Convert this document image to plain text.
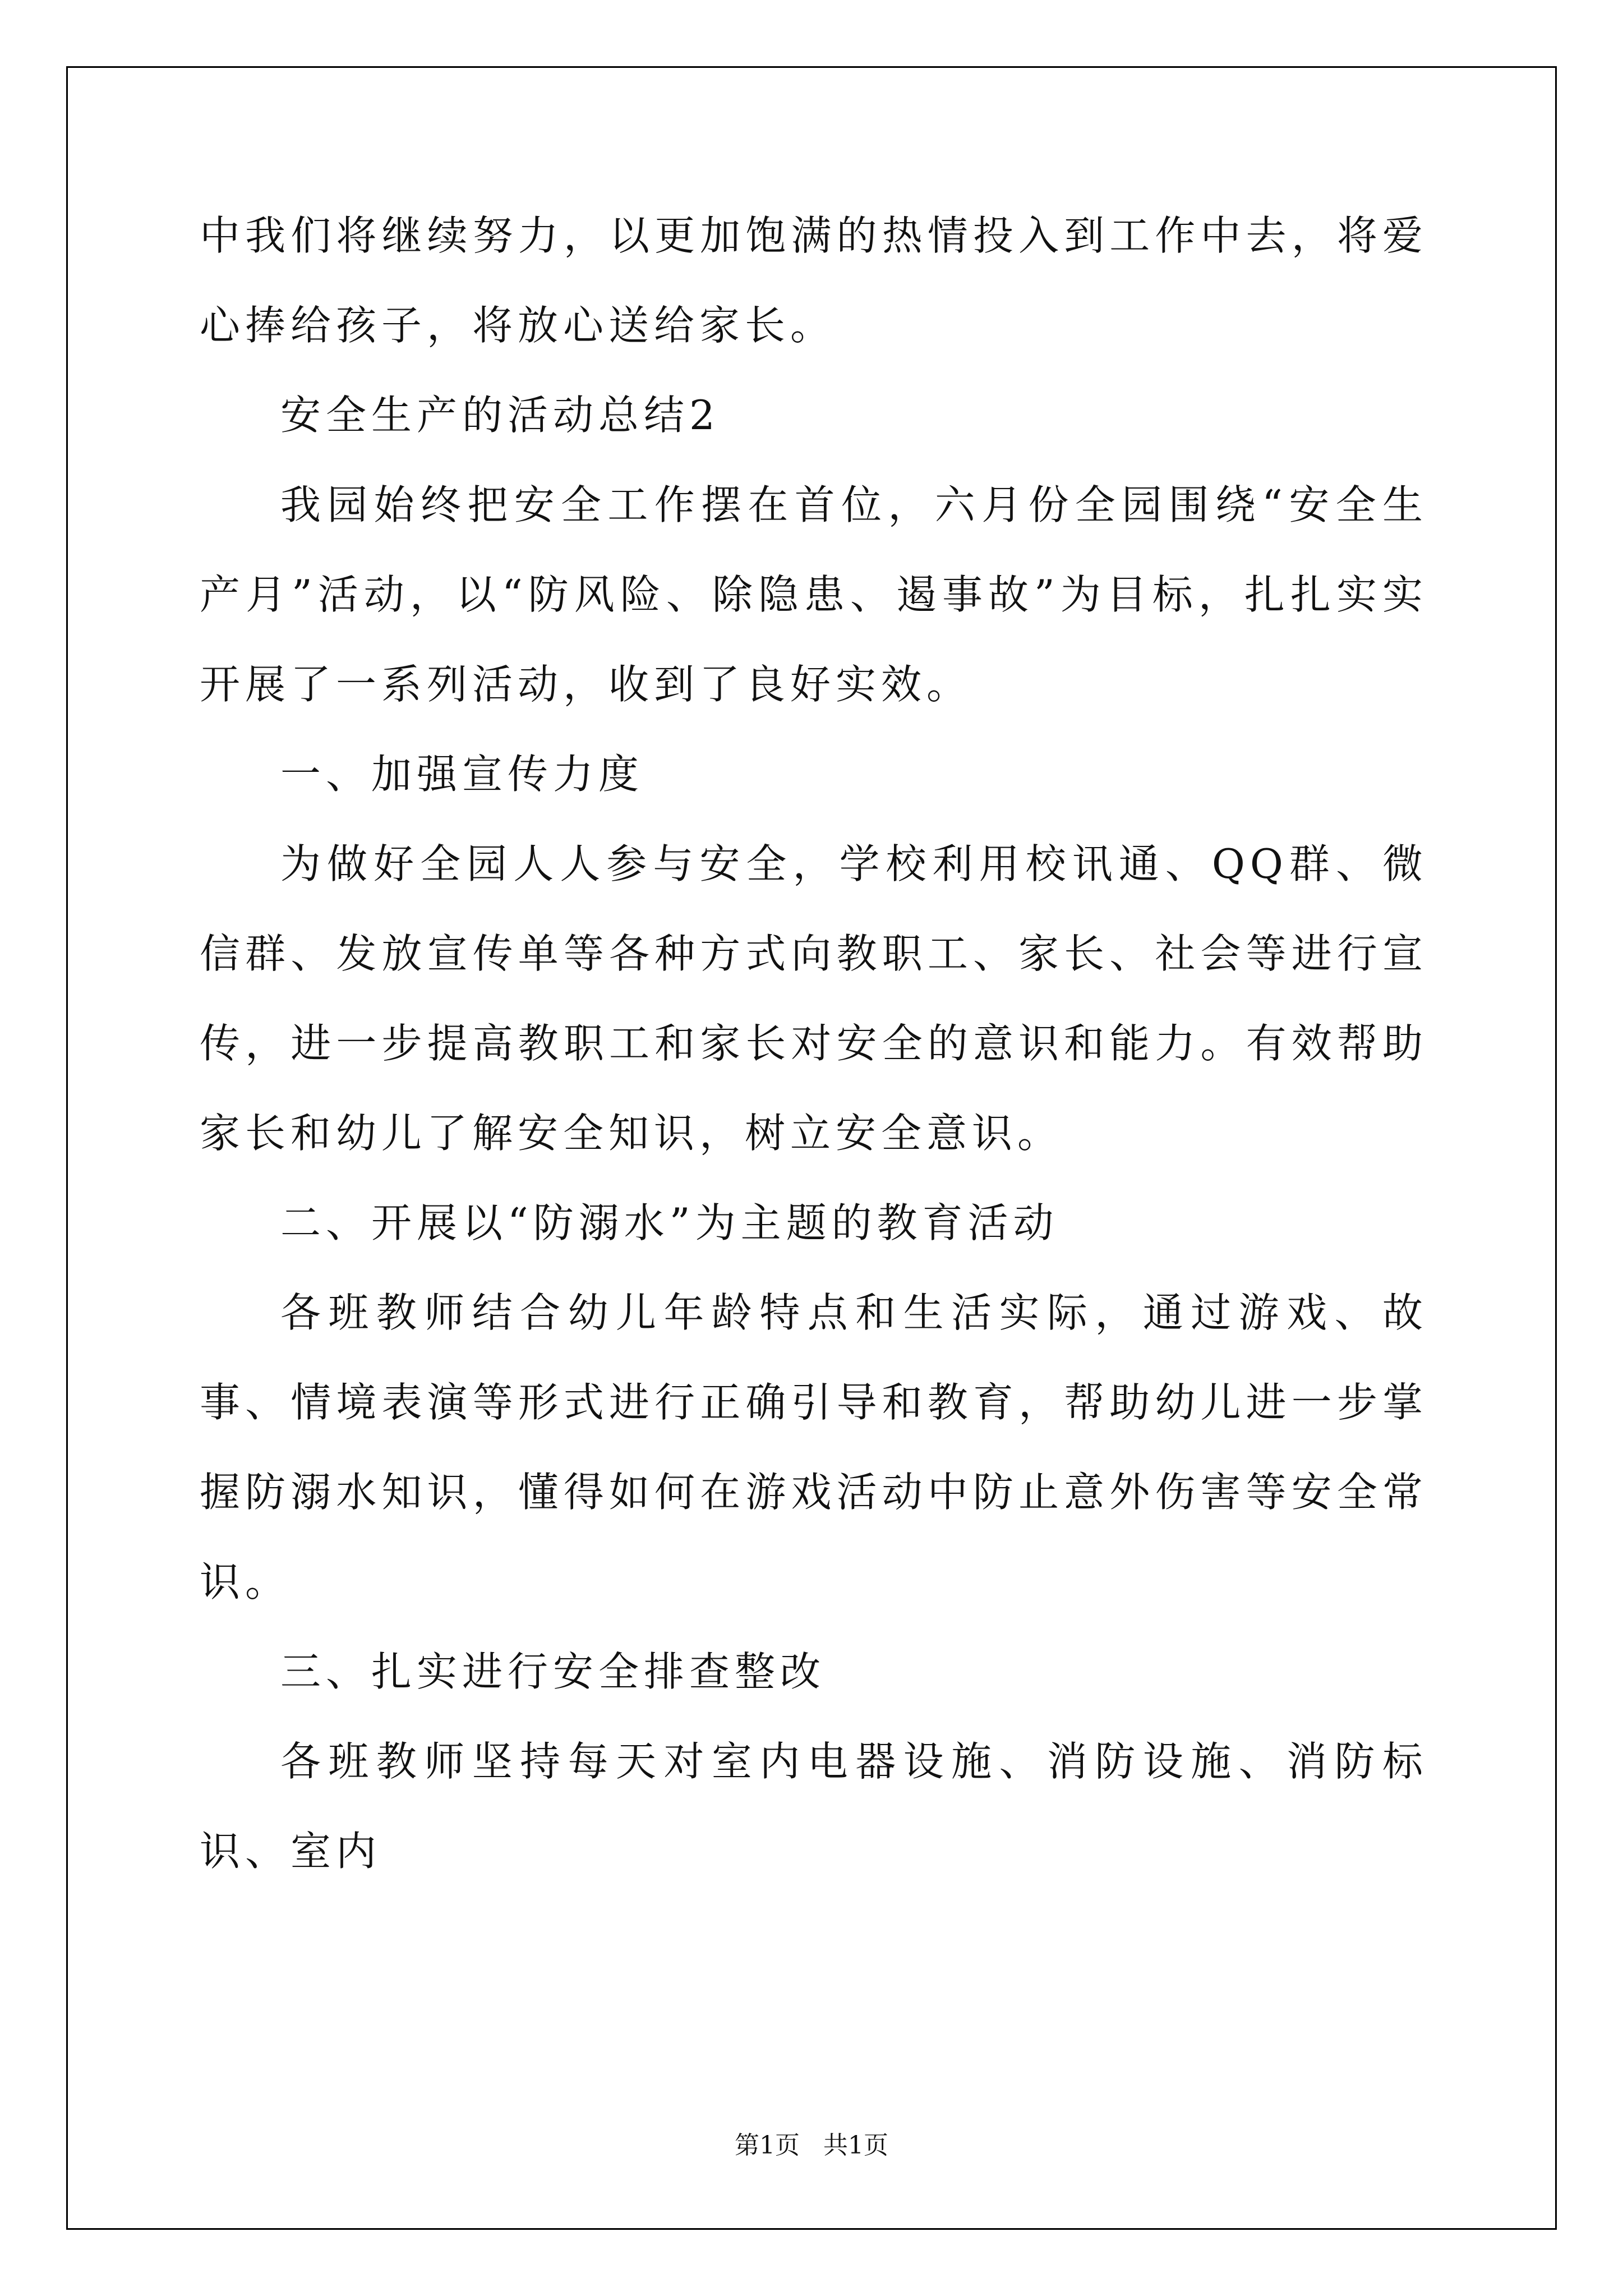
中我们将继续努力，以更加饱满的热情投入到工作中去，将爱心捧给孩子，将放心送给家长。

安全生产的活动总结2

我园始终把安全工作摆在首位，六月份全园围绕“安全生产月”活动，以“防风险、除隐患、遏事故”为目标，扎扎实实开展了一系列活动，收到了良好实效。

一、加强宣传力度

为做好全园人人参与安全，学校利用校讯通、QQ群、微信群、发放宣传单等各种方式向教职工、家长、社会等进行宣传，进一步提高教职工和家长对安全的意识和能力。有效帮助家长和幼儿了解安全知识，树立安全意识。

二、开展以“防溺水”为主题的教育活动

各班教师结合幼儿年龄特点和生活实际，通过游戏、故事、情境表演等形式进行正确引导和教育，帮助幼儿进一步掌握防溺水知识，懂得如何在游戏活动中防止意外伤害等安全常识。

三、扎实进行安全排查整改

各班教师坚持每天对室内电器设施、消防设施、消防标识、室内

第1页 共1页
